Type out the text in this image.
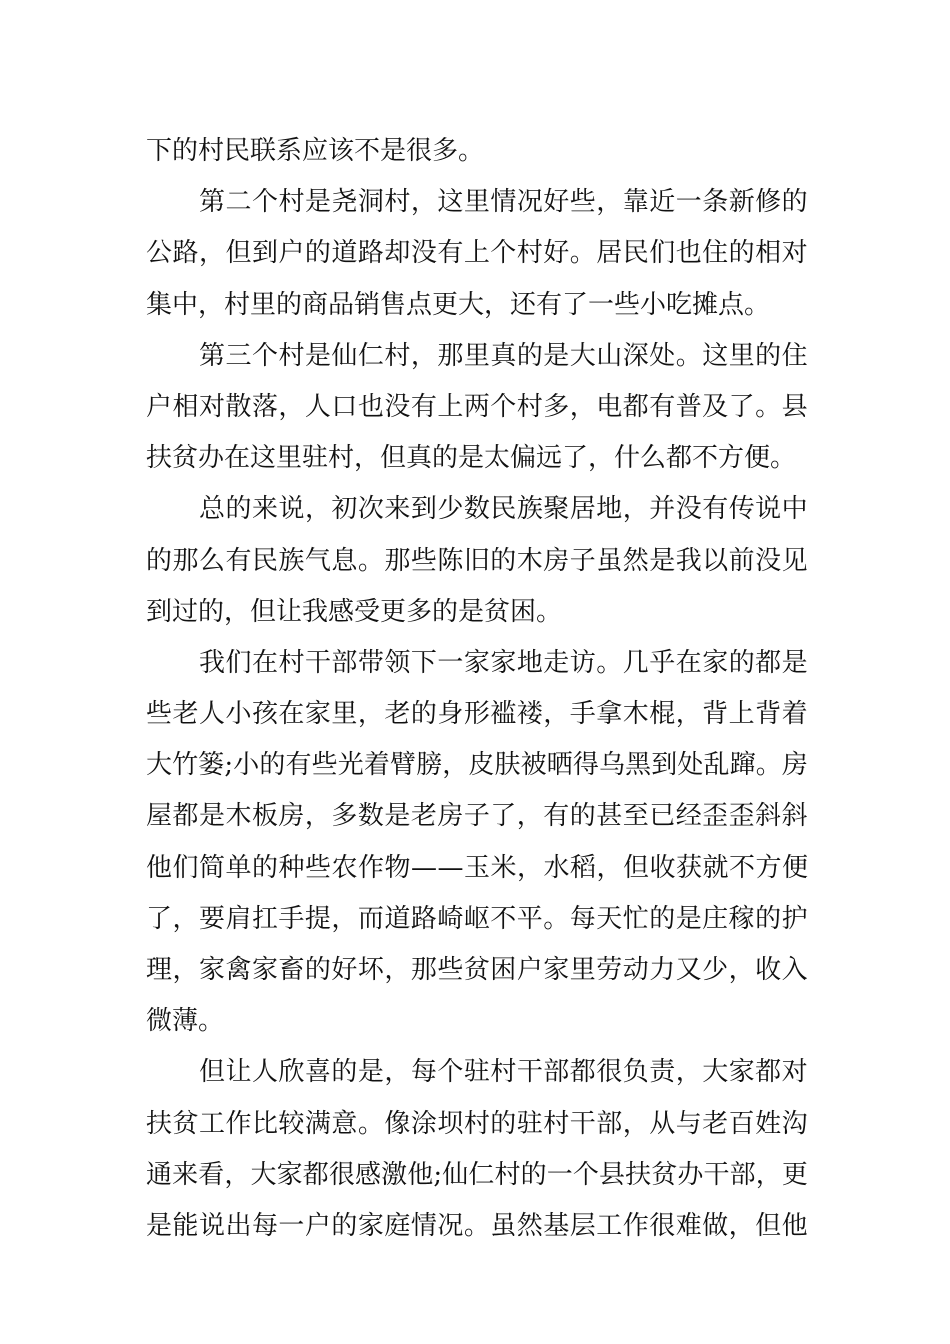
下的村民联系应该不是很多。
第 二 个 村 是 尧 洞 村 ， 这 里 情 况 好 些 ， 靠 近 一 条 新 修 的
公 路 ， 但 到 户 的 道 路 却 没 有 上 个 村 好 。 居 民 们 也 住 的 相 对
集中，村里的商品销售点更大，还有了一些小吃摊点。
第 三 个 村 是 仙 仁 村 ， 那 里 真 的 是 大 山 深 处 。 这 里 的 住
户 相 对 散 落 ， 人 口 也 没 有 上 两 个 村 多 ， 电 都 有 普 及 了 。 县
扶贫办在这里驻村，但真的是太偏远了，什么都不方便。
总 的 来 说 ， 初 次 来 到 少 数 民 族 聚 居 地 ， 并 没 有 传 说 中
的 那 么 有 民 族 气 息 。 那 些 陈 旧 的 木 房 子 虽 然 是 我 以 前 没 见
到过的，但让我感受更多的是贫困。
我 们 在 村 干 部 带 领 下 一 家 家 地 走 访 。 几 乎 在 家 的 都 是
些 老 人 小 孩 在 家 里 ， 老 的 身 形 褴 褛 ， 手 拿 木 棍 ， 背 上 背 着
大 竹 篓 ; 小 的 有 些 光 着 臂 膀 ， 皮 肤 被 晒 得 乌 黑 到 处 乱 蹿 。 房
屋 都 是 木 板 房 ， 多 数 是 老 房 子 了 ， 有 的 甚 至 已 经 歪 歪 斜 斜
他 们 简 单 的 种 些 农 作 物 — — 玉 米 ， 水 稻 ， 但 收 获 就 不 方 便
了 ， 要 肩 扛 手 提 ， 而 道 路 崎 岖 不 平 。 每 天 忙 的 是 庄 稼 的 护
理 ， 家 禽 家 畜 的 好 坏 ， 那 些 贫 困 户 家 里 劳 动 力 又 少 ， 收 入
微薄。
但 让 人 欣 喜 的 是 ， 每 个 驻 村 干 部 都 很 负 责 ， 大 家 都 对
扶 贫 工 作 比 较 满 意 。 像 涂 坝 村 的 驻 村 干 部 ， 从 与 老 百 姓 沟
通 来 看 ， 大 家 都 很 感 激 他 ; 仙 仁 村 的 一 个 县 扶 贫 办 干 部 ， 更
是 能 说 出 每 一 户 的 家 庭 情 况 。 虽 然 基 层 工 作 很 难 做 ， 但 他
